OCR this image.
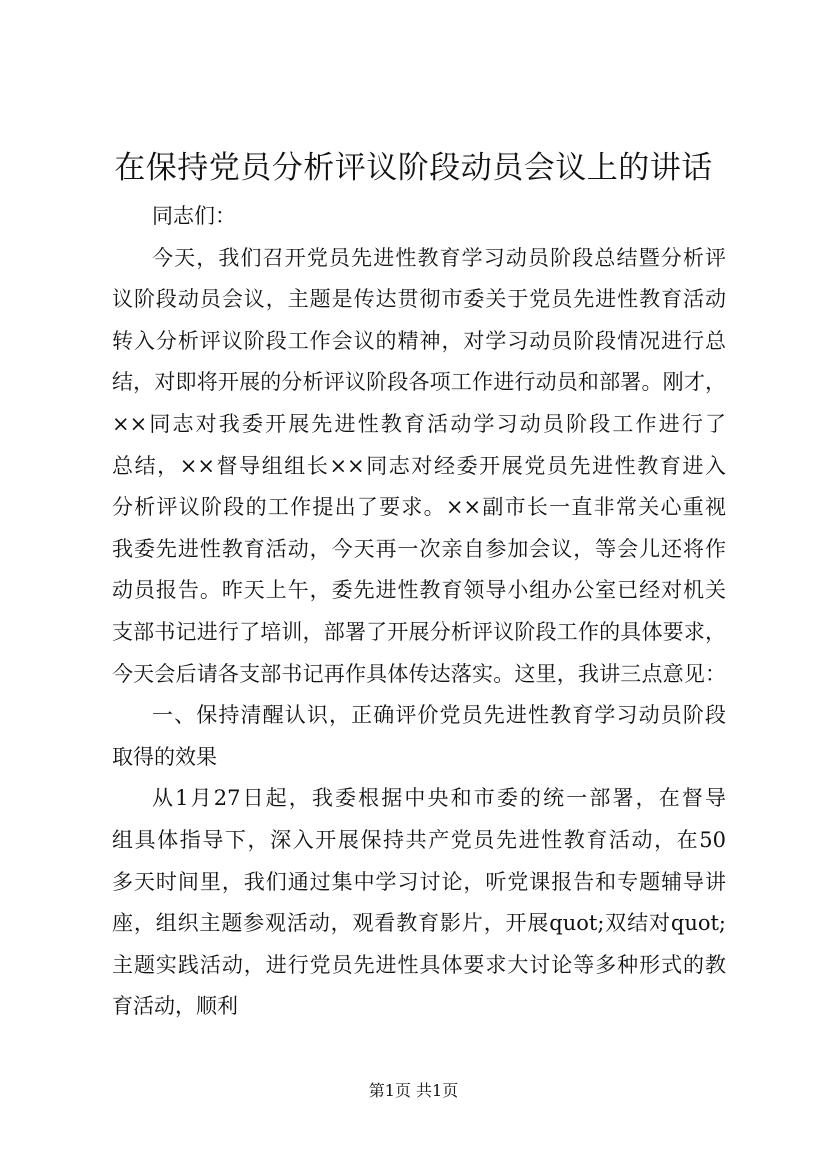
在保持党员分析评议阶段动员会议上的讲话
同志们：
今天，我们召开党员先进性教育学习动员阶段总结暨分析评
议阶段动员会议，主题是传达贯彻市委关于党员先进性教育活动
转入分析评议阶段工作会议的精神，对学习动员阶段情况进行总
结，对即将开展的分析评议阶段各项工作进行动员和部署。刚才，
××同志对我委开展先进性教育活动学习动员阶段工作进行了
总结，××督导组组长××同志对经委开展党员先进性教育进入
分析评议阶段的工作提出了要求。××副市长一直非常关心重视
我委先进性教育活动，今天再一次亲自参加会议，等会儿还将作
动员报告。昨天上午，委先进性教育领导小组办公室已经对机关
支部书记进行了培训，部署了开展分析评议阶段工作的具体要求，
今天会后请各支部书记再作具体传达落实。这里，我讲三点意见：
一、保持清醒认识，正确评价党员先进性教育学习动员阶段
取得的效果
从1月27日起，我委根据中央和市委的统一部署，在督导
组具体指导下，深入开展保持共产党员先进性教育活动，在50
多天时间里，我们通过集中学习讨论，听党课报告和专题辅导讲
座，组织主题参观活动，观看教育影片，开展quot;双结对quot;
主题实践活动，进行党员先进性具体要求大讨论等多种形式的教
育活动，顺利
第1页 共1页
